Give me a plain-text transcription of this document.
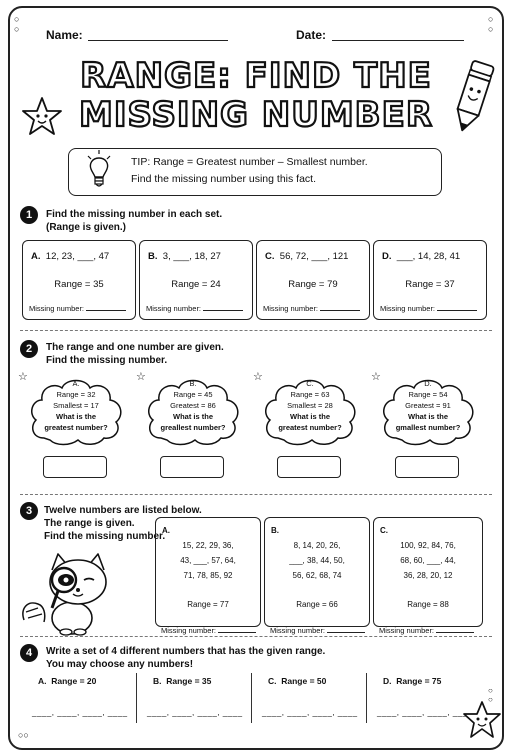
○
○
○
○
○○
○
○
Name:	Date:
RANGE: FIND THE
MISSING NUMBER
TIP: Range = Greatest number – Smallest number.
Find the missing number using this fact.
1	Find the missing number in each set.
(Range is given.)
A. 12, 23, ___, 47
Range = 35
Missing number:
B. 3, ___, 18, 27
Range = 24
Missing number:
C. 56, 72, ___, 121
Range = 79
Missing number:
D. ___, 14, 28, 41
Range = 37
Missing number:
2	The range and one number are given.
Find the missing number.
☆	☆	☆	☆
A.
Range = 32
Smallest = 17
What is the
greatest number?
B.
Range = 45
Greatest = 86
What is the
greallest number?
C.
Range = 63
Smallest = 28
What is the
greatest number?
D.
Range = 54
Greatest = 91
What is the
gmallest number?
3	Twelve numbers are listed below.
The range is given.
Find the missing number.
A.
15, 22, 29, 36,
43, ___, 57, 64,
71, 78, 85, 92
Range = 77
Missing number:
B.
8, 14, 20, 26,
___, 38, 44, 50,
56, 62, 68, 74
Range = 66
Missing number:
C.
100, 92, 84, 76,
68, 60, ___, 44,
36, 28, 20, 12
Range = 88
Missing number:
4	Write a set of 4 different numbers that has the given range.
You may choose any numbers!
A. Range = 20	B. Range = 35	C. Range = 50	D. Range = 75
____, ____, ____, ____ ____, ____, ____, ____ ____, ____, ____, ____ ____, ____, ____, ____
